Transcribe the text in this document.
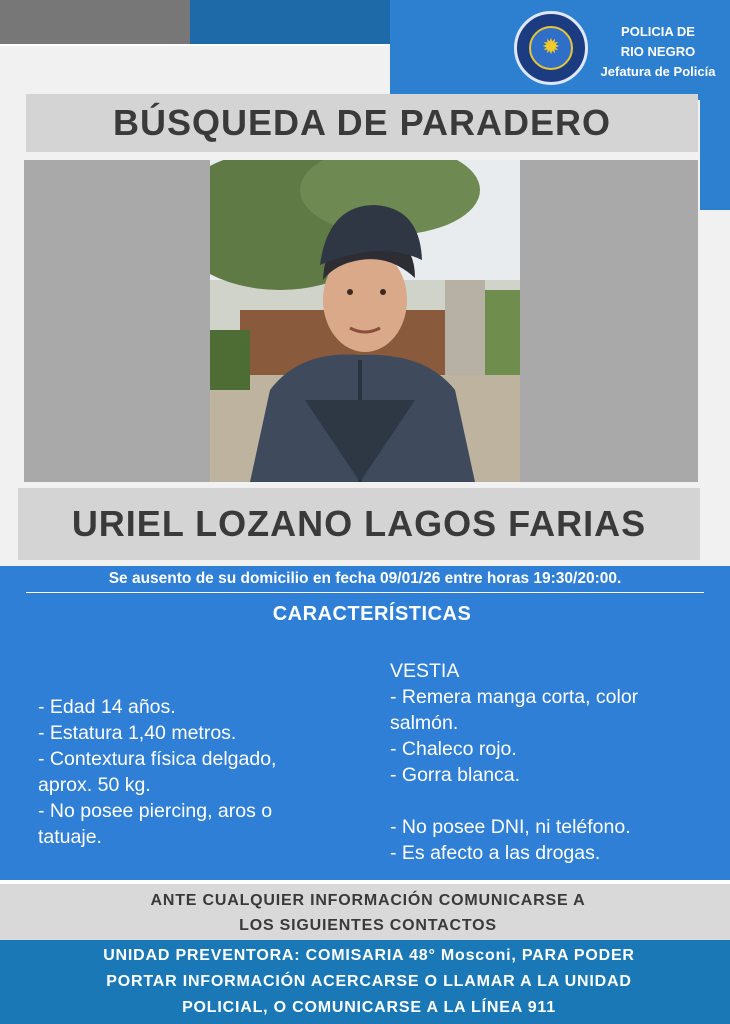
✹
POLICIA DE
RIO NEGRO
Jefatura de Policía
BÚSQUEDA DE PARADERO
URIEL LOZANO LAGOS FARIAS
Se ausento de su domicilio en fecha 09/01/26 entre horas 19:30/20:00.
CARACTERÍSTICAS
- Edad 14 años.
- Estatura 1,40 metros.
- Contextura física delgado,
aprox. 50 kg.
- No posee piercing, aros o
tatuaje.
VESTIA
- Remera manga corta, color
salmón.
- Chaleco rojo.
- Gorra blanca.
- No posee DNI, ni teléfono.
- Es afecto a las drogas.
ANTE CUALQUIER INFORMACIÓN COMUNICARSE A
LOS SIGUIENTES CONTACTOS
UNIDAD PREVENTORA: COMISARIA 48° Mosconi, PARA PODER
PORTAR INFORMACIÓN ACERCARSE O LLAMAR A LA UNIDAD
POLICIAL, O COMUNICARSE A LA LÍNEA 911
